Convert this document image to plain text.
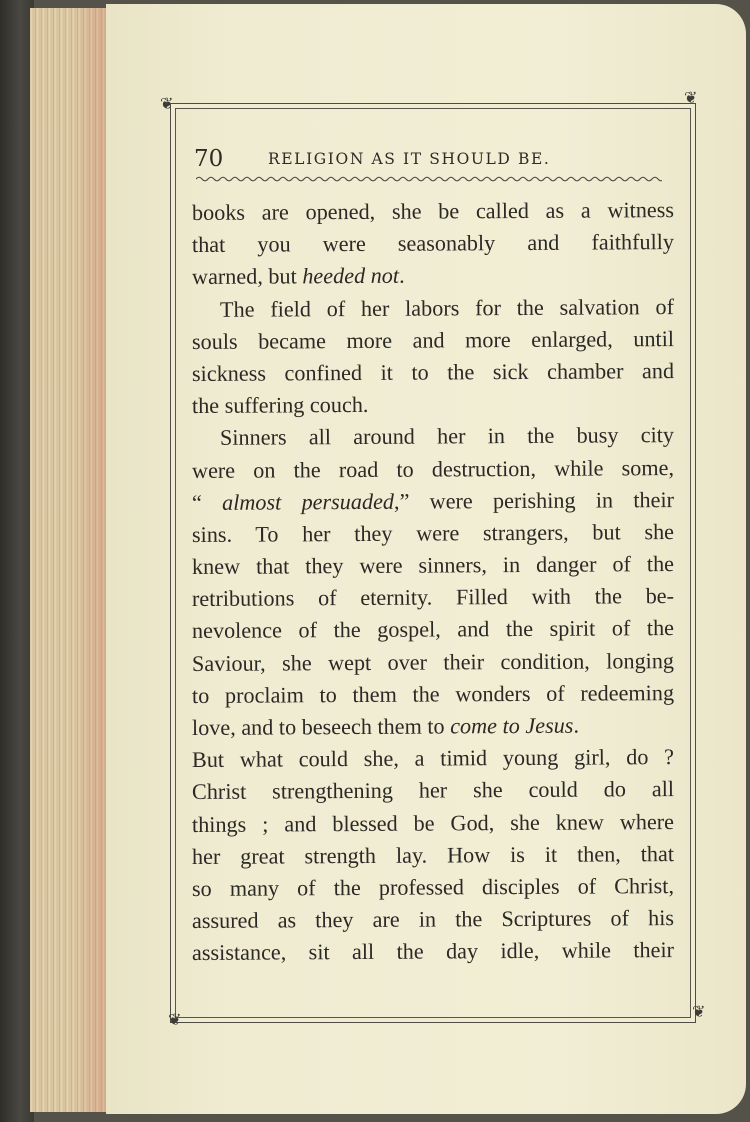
❦	❦
❦	❦
70	RELIGION AS IT SHOULD BE.
books are opened, she be called as a witness
that you were seasonably and faithfully
warned, but heeded not.
The field of her labors for the salvation of
souls became more and more enlarged, until
sickness confined it to the sick chamber and
the suffering couch.
Sinners all around her in the busy city
were on the road to destruction, while some,
“ almost persuaded,” were perishing in their
sins. To her they were strangers, but she
knew that they were sinners, in danger of the
retributions of eternity. Filled with the be-
nevolence of the gospel, and the spirit of the
Saviour, she wept over their condition, longing
to proclaim to them the wonders of redeeming
love, and to beseech them to come to Jesus.
But what could she, a timid young girl, do ?
Christ strengthening her she could do all
things ; and blessed be God, she knew where
her great strength lay. How is it then, that
so many of the professed disciples of Christ,
assured as they are in the Scriptures of his
assistance, sit all the day idle, while their
